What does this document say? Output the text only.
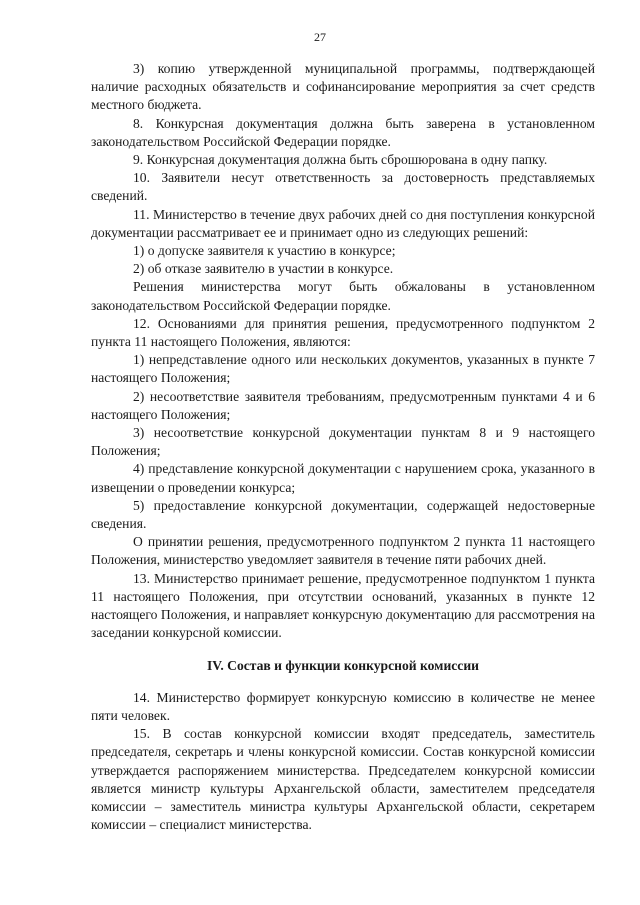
27

3) копию утвержденной муниципальной программы, подтверждающей наличие расходных обязательств и софинансирование мероприятия за счет средств местного бюджета.

8. Конкурсная документация должна быть заверена в установленном законодательством Российской Федерации порядке.

9. Конкурсная документация должна быть сброшюрована в одну папку.

10. Заявители несут ответственность за достоверность представляемых сведений.

11. Министерство в течение двух рабочих дней со дня поступления конкурсной документации рассматривает ее и принимает одно из следующих решений:

1) о допуске заявителя к участию в конкурсе;

2) об отказе заявителю в участии в конкурсе.

Решения министерства могут быть обжалованы в установленном законодательством Российской Федерации порядке.

12. Основаниями для принятия решения, предусмотренного подпунктом 2 пункта 11 настоящего Положения, являются:

1) непредставление одного или нескольких документов, указанных в пункте 7 настоящего Положения;

2) несоответствие заявителя требованиям, предусмотренным пунктами 4 и 6 настоящего Положения;

3) несоответствие конкурсной документации пунктам 8 и 9 настоящего Положения;

4) представление конкурсной документации с нарушением срока, указанного в извещении о проведении конкурса;

5) предоставление конкурсной документации, содержащей недостоверные сведения.

О принятии решения, предусмотренного подпунктом 2 пункта 11 настоящего Положения, министерство уведомляет заявителя в течение пяти рабочих дней.

13. Министерство принимает решение, предусмотренное подпунктом 1 пункта 11 настоящего Положения, при отсутствии оснований, указанных в пункте 12 настоящего Положения, и направляет конкурсную документацию для рассмотрения на заседании конкурсной комиссии.

IV. Состав и функции конкурсной комиссии

14. Министерство формирует конкурсную комиссию в количестве не менее пяти человек.

15. В состав конкурсной комиссии входят председатель, заместитель председателя, секретарь и члены конкурсной комиссии. Состав конкурсной комиссии утверждается распоряжением министерства. Председателем конкурсной комиссии является министр культуры Архангельской области, заместителем председателя комиссии – заместитель министра культуры Архангельской области, секретарем комиссии – специалист министерства.
